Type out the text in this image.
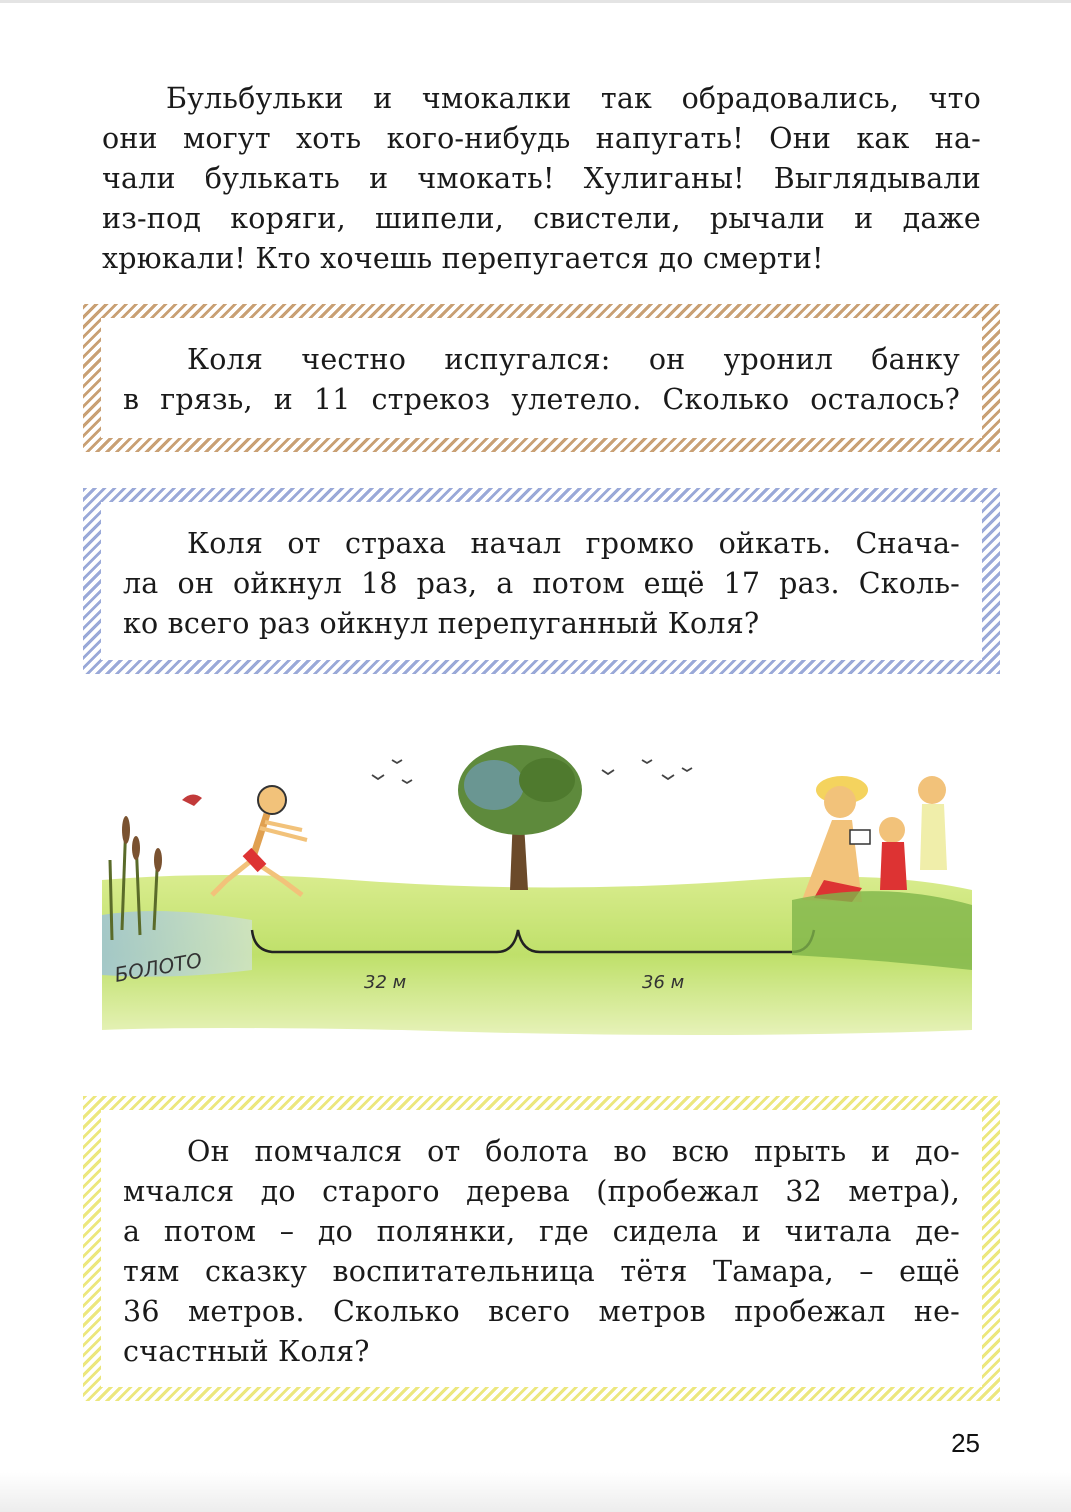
Бульбульки и чмокалки так обрадовались, что
они могут хоть кого-нибудь напугать! Они как на-
чали булькать и чмокать! Хулиганы! Выглядывали
из-под коряги, шипели, свистели, рычали и даже
хрюкали! Кто хочешь перепугается до смерти!

Коля честно испугался: он уронил банку
в грязь, и 11 стрекоз улетело. Сколько осталось?

Коля от страха начал громко ойкать. Снача-
ла он ойкнул 18 раз, а потом ещё 17 раз. Сколь-
ко всего раз ойкнул перепуганный Коля?

БОЛОТО	32 м	36 м

Он помчался от болота во всю прыть и до-
мчался до старого дерева (пробежал 32 метра),
а потом – до полянки, где сидела и читала де-
тям сказку воспитательница тётя Тамара, – ещё
36 метров. Сколько всего метров пробежал не-
счастный Коля?

25
